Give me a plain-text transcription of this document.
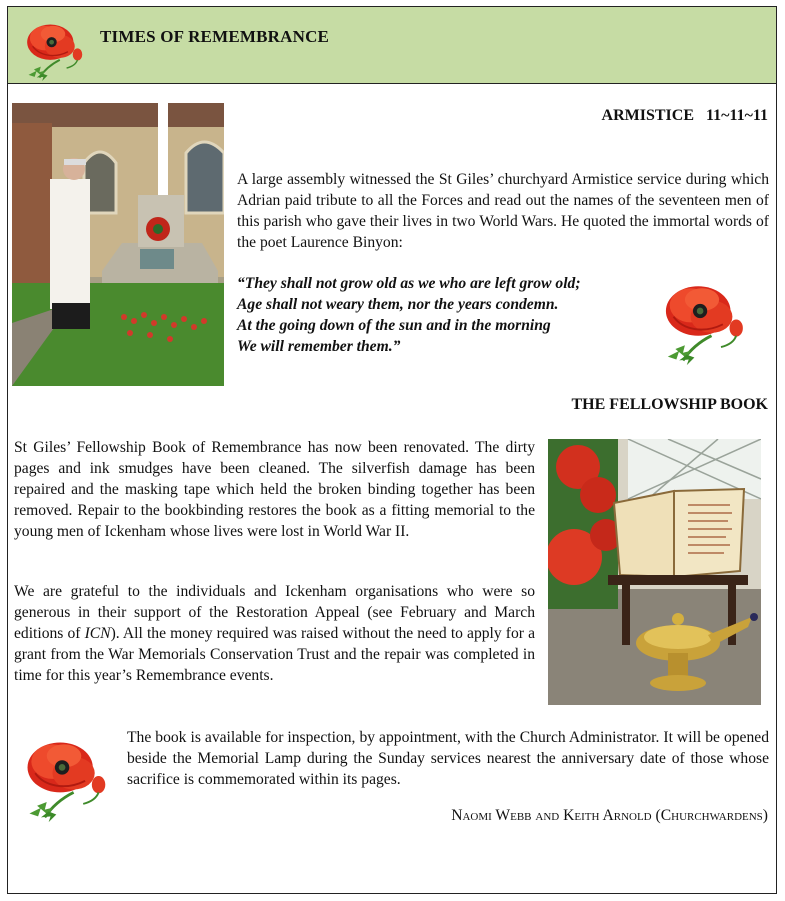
TIMES OF REMEMBRANCE
ARMISTICE   11~11~11

A large assembly witnessed the St Giles’ churchyard Armistice service during which Adrian paid tribute to all the Forces and read out the names of the seventeen men of this parish who gave their lives in two World Wars. He quoted the immortal words of the poet Laurence Binyon:

“They shall not grow old as we who are left grow old;
Age shall not weary them, nor the years condemn.
At the going down of the sun and in the morning
We will remember them.”
THE FELLOWSHIP BOOK

St Giles’ Fellowship Book of Remembrance has now been renovated. The dirty pages and ink smudges have been cleaned. The silverfish damage has been repaired and the masking tape which held the broken binding together has been removed. Repair to the bookbinding restores the book as a fitting memorial to the young men of Ickenham whose lives were lost in World War II.

We are grateful to the individuals and Ickenham organisations who were so generous in their support of the Restoration Appeal (see February and March editions of ICN). All the money required was raised without the need to apply for a grant from the War Memorials Conservation Trust and the repair was completed in time for this year’s Remembrance events.

The book is available for inspection, by appointment, with the Church Administrator. It will be opened beside the Memorial Lamp during the Sunday services nearest the anniversary date of those whose sacrifice is commemorated within its pages.

Naomi Webb and Keith Arnold (Churchwardens)
